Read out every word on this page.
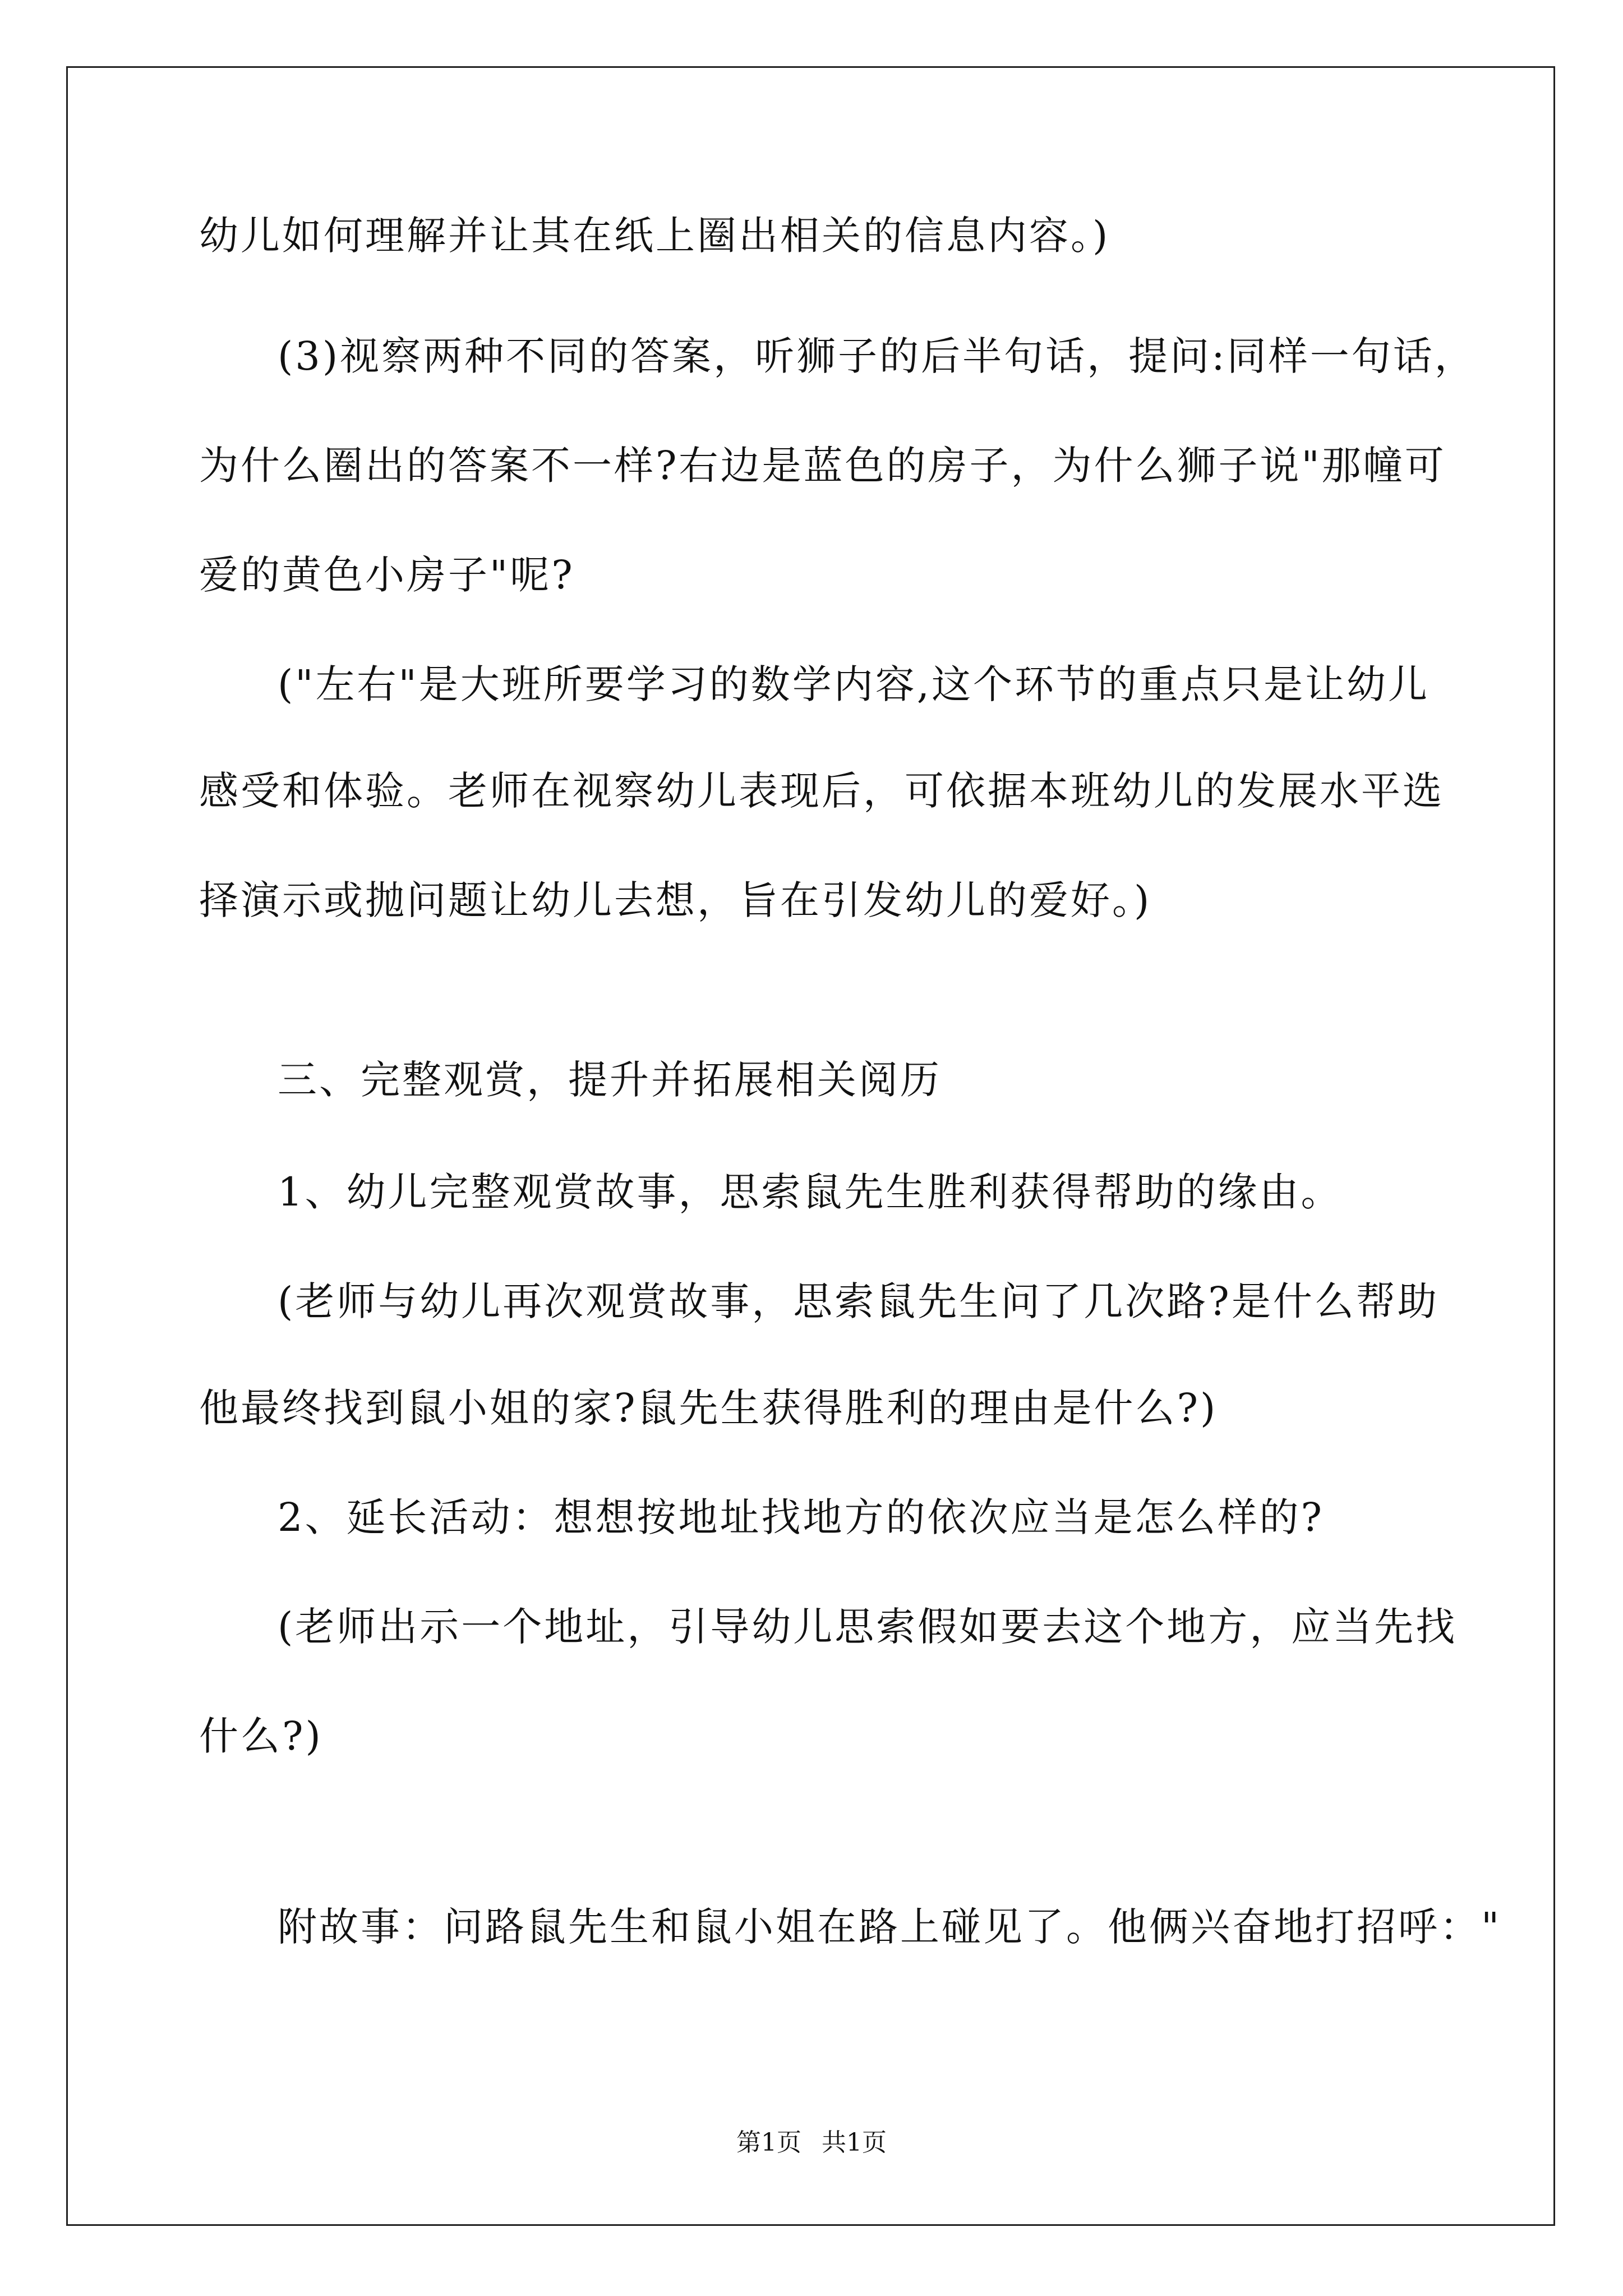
幼儿如何理解并让其在纸上圈出相关的信息内容。)
(3)视察两种不同的答案，听狮子的后半句话，提问:同样一句话，
为什么圈出的答案不一样?右边是蓝色的房子，为什么狮子说"那幢可
爱的黄色小房子"呢?
("左右"是大班所要学习的数学内容,这个环节的重点只是让幼儿
感受和体验。老师在视察幼儿表现后，可依据本班幼儿的发展水平选
择演示或抛问题让幼儿去想，旨在引发幼儿的爱好。)
三、完整观赏，提升并拓展相关阅历
1、幼儿完整观赏故事，思索鼠先生胜利获得帮助的缘由。
(老师与幼儿再次观赏故事，思索鼠先生问了几次路?是什么帮助
他最终找到鼠小姐的家?鼠先生获得胜利的理由是什么?)
2、延长活动：想想按地址找地方的依次应当是怎么样的?
(老师出示一个地址，引导幼儿思索假如要去这个地方，应当先找
什么?)
附故事：问路鼠先生和鼠小姐在路上碰见了。他俩兴奋地打招呼："
第1页 共1页
